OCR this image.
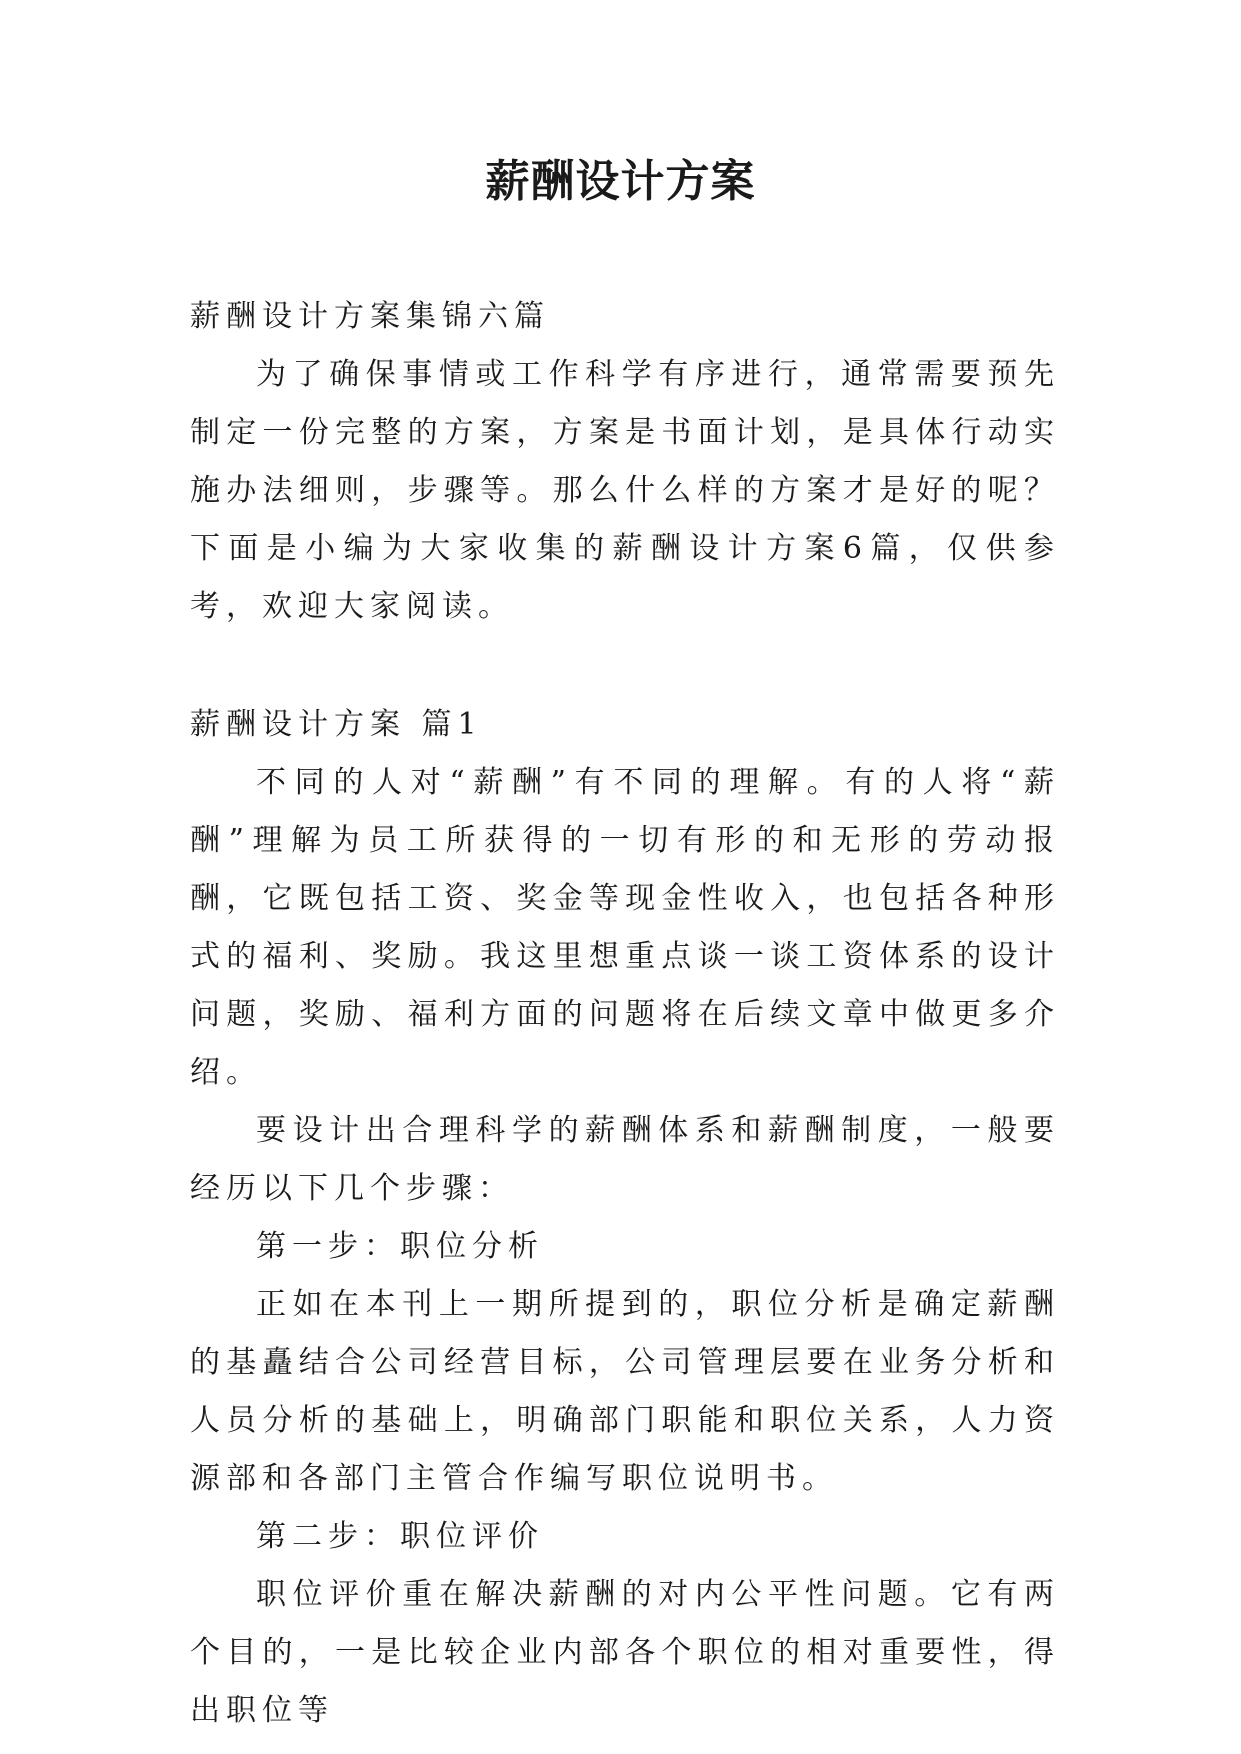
薪酬设计方案

薪酬设计方案集锦六篇

为了确保事情或工作科学有序进行，通常需要预先制定一份完整的方案，方案是书面计划，是具体行动实施办法细则，步骤等。那么什么样的方案才是好的呢？下面是小编为大家收集的薪酬设计方案6篇，仅供参考，欢迎大家阅读。

薪酬设计方案 篇1

不同的人对“薪酬”有不同的理解。有的人将“薪酬”理解为员工所获得的一切有形的和无形的劳动报酬，它既包括工资、奖金等现金性收入，也包括各种形式的福利、奖励。我这里想重点谈一谈工资体系的设计问题，奖励、福利方面的问题将在后续文章中做更多介绍。

要设计出合理科学的薪酬体系和薪酬制度，一般要经历以下几个步骤：

第一步：职位分析

正如在本刊上一期所提到的，职位分析是确定薪酬的基矗结合公司经营目标，公司管理层要在业务分析和人员分析的基础上，明确部门职能和职位关系，人力资源部和各部门主管合作编写职位说明书。

第二步：职位评价

职位评价重在解决薪酬的对内公平性问题。它有两个目的，一是比较企业内部各个职位的相对重要性，得出职位等
